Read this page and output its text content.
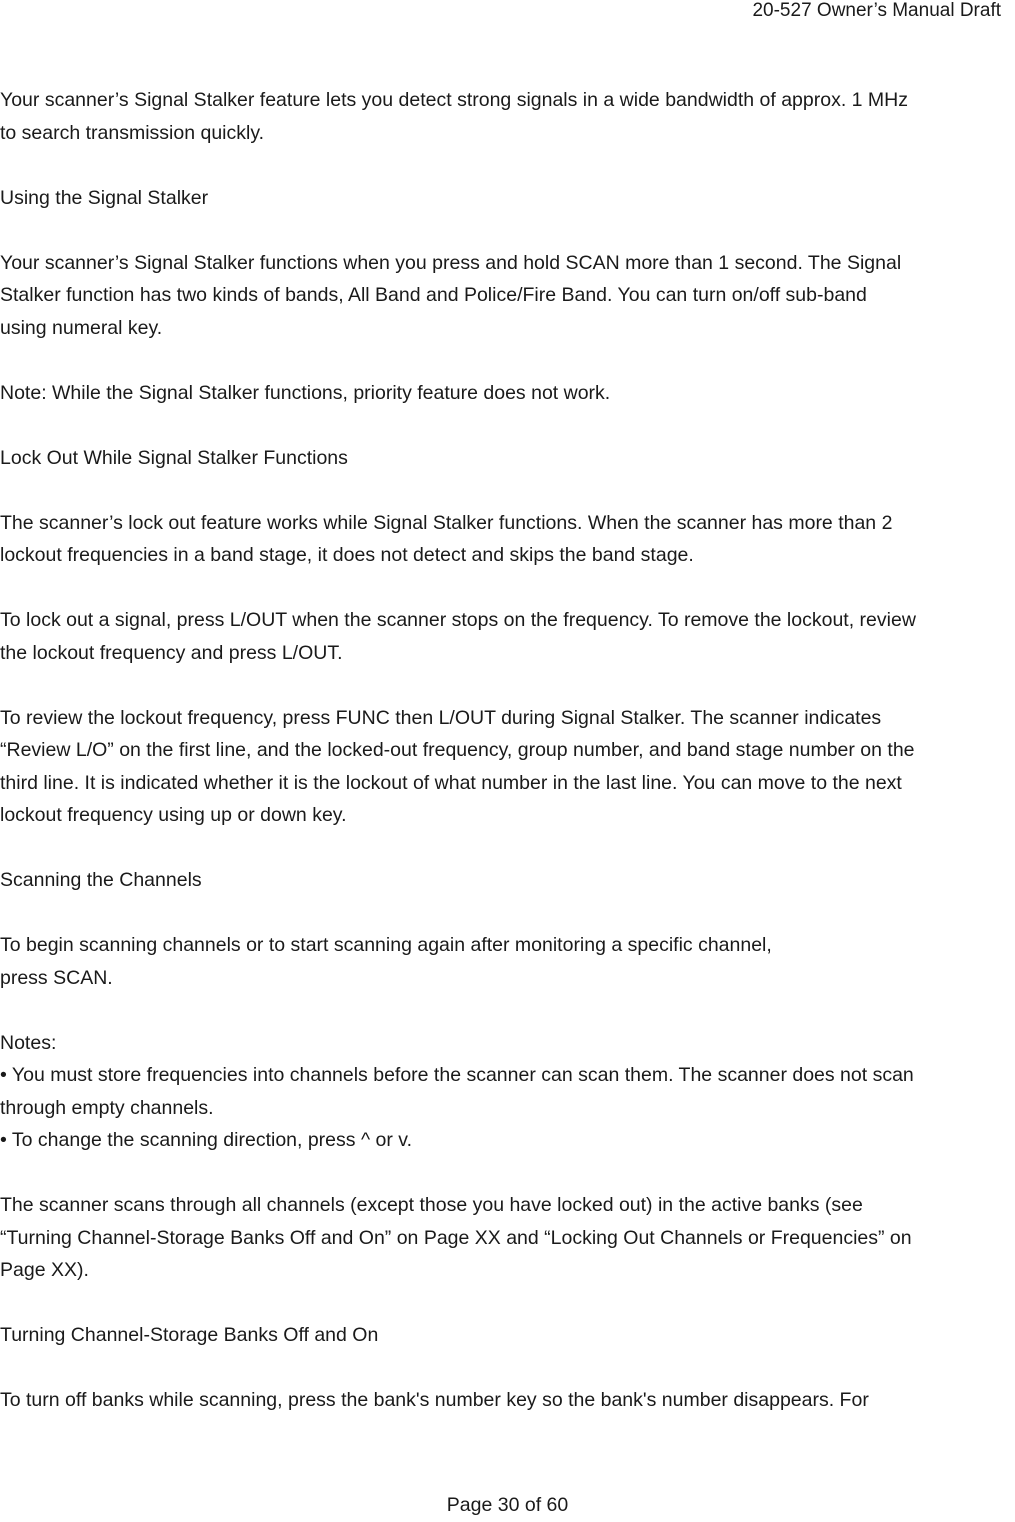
20-527 Owner’s Manual Draft

Your scanner’s Signal Stalker feature lets you detect strong signals in a wide bandwidth of approx. 1 MHz
to search transmission quickly.

Using the Signal Stalker

Your scanner’s Signal Stalker functions when you press and hold SCAN more than 1 second. The Signal
Stalker function has two kinds of bands, All Band and Police/Fire Band. You can turn on/off sub-band
using numeral key.

Note: While the Signal Stalker functions, priority feature does not work.

Lock Out While Signal Stalker Functions

The scanner’s lock out feature works while Signal Stalker functions. When the scanner has more than 2
lockout frequencies in a band stage, it does not detect and skips the band stage.

To lock out a signal, press L/OUT when the scanner stops on the frequency. To remove the lockout, review
the lockout frequency and press L/OUT.

To review the lockout frequency, press FUNC then L/OUT during Signal Stalker. The scanner indicates
“Review L/O” on the first line, and the locked-out frequency, group number, and band stage number on the
third line. It is indicated whether it is the lockout of what number in the last line. You can move to the next
lockout frequency using up or down key.

Scanning the Channels

To begin scanning channels or to start scanning again after monitoring a specific channel,
press SCAN.

Notes:
• You must store frequencies into channels before the scanner can scan them. The scanner does not scan
through empty channels.
• To change the scanning direction, press ^ or v.

The scanner scans through all channels (except those you have locked out) in the active banks (see
“Turning Channel-Storage Banks Off and On” on Page XX and “Locking Out Channels or Frequencies” on
Page XX).

Turning Channel-Storage Banks Off and On

To turn off banks while scanning, press the bank's number key so the bank's number disappears. For

Page 30 of 60
